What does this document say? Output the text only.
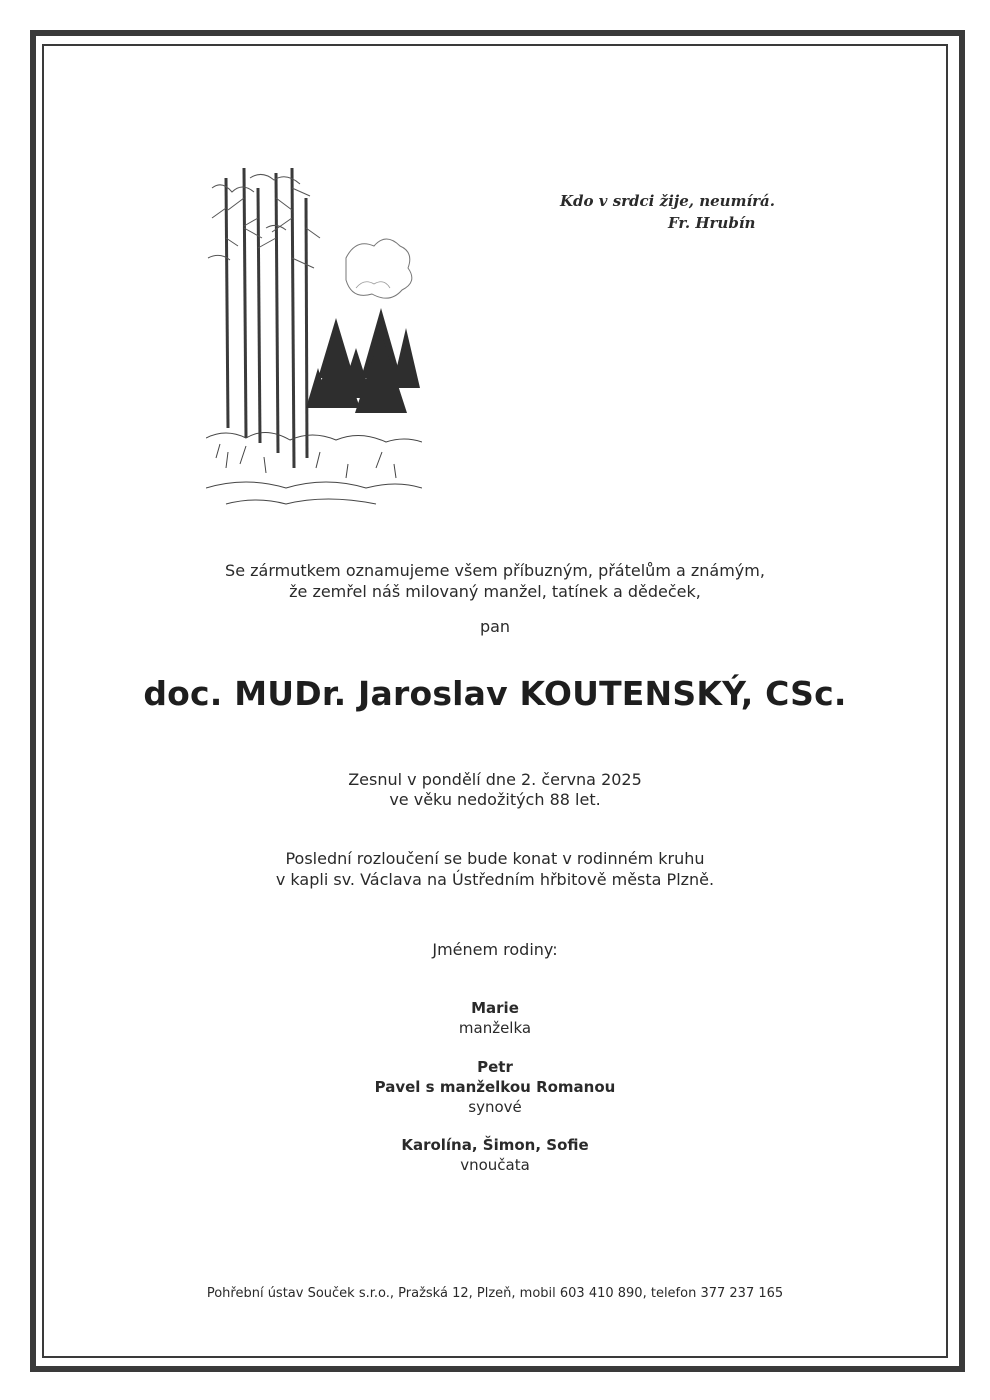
Kdo v srdci žije, neumírá.
Fr. Hrubín
Se zármutkem oznamujeme všem příbuzným, přátelům a známým,
že zemřel náš milovaný manžel, tatínek a dědeček,
pan
doc. MUDr. Jaroslav KOUTENSKÝ, CSc.
Zesnul v pondělí dne 2. června 2025
ve věku nedožitých 88 let.
Poslední rozloučení se bude konat v rodinném kruhu
v kapli sv. Václava na Ústředním hřbitově města Plzně.
Jménem rodiny:
Marie
manželka
Petr
Pavel s manželkou Romanou
synové
Karolína, Šimon, Sofie
vnoučata
Pohřební ústav Souček s.r.o., Pražská 12, Plzeň, mobil 603 410 890, telefon 377 237 165
